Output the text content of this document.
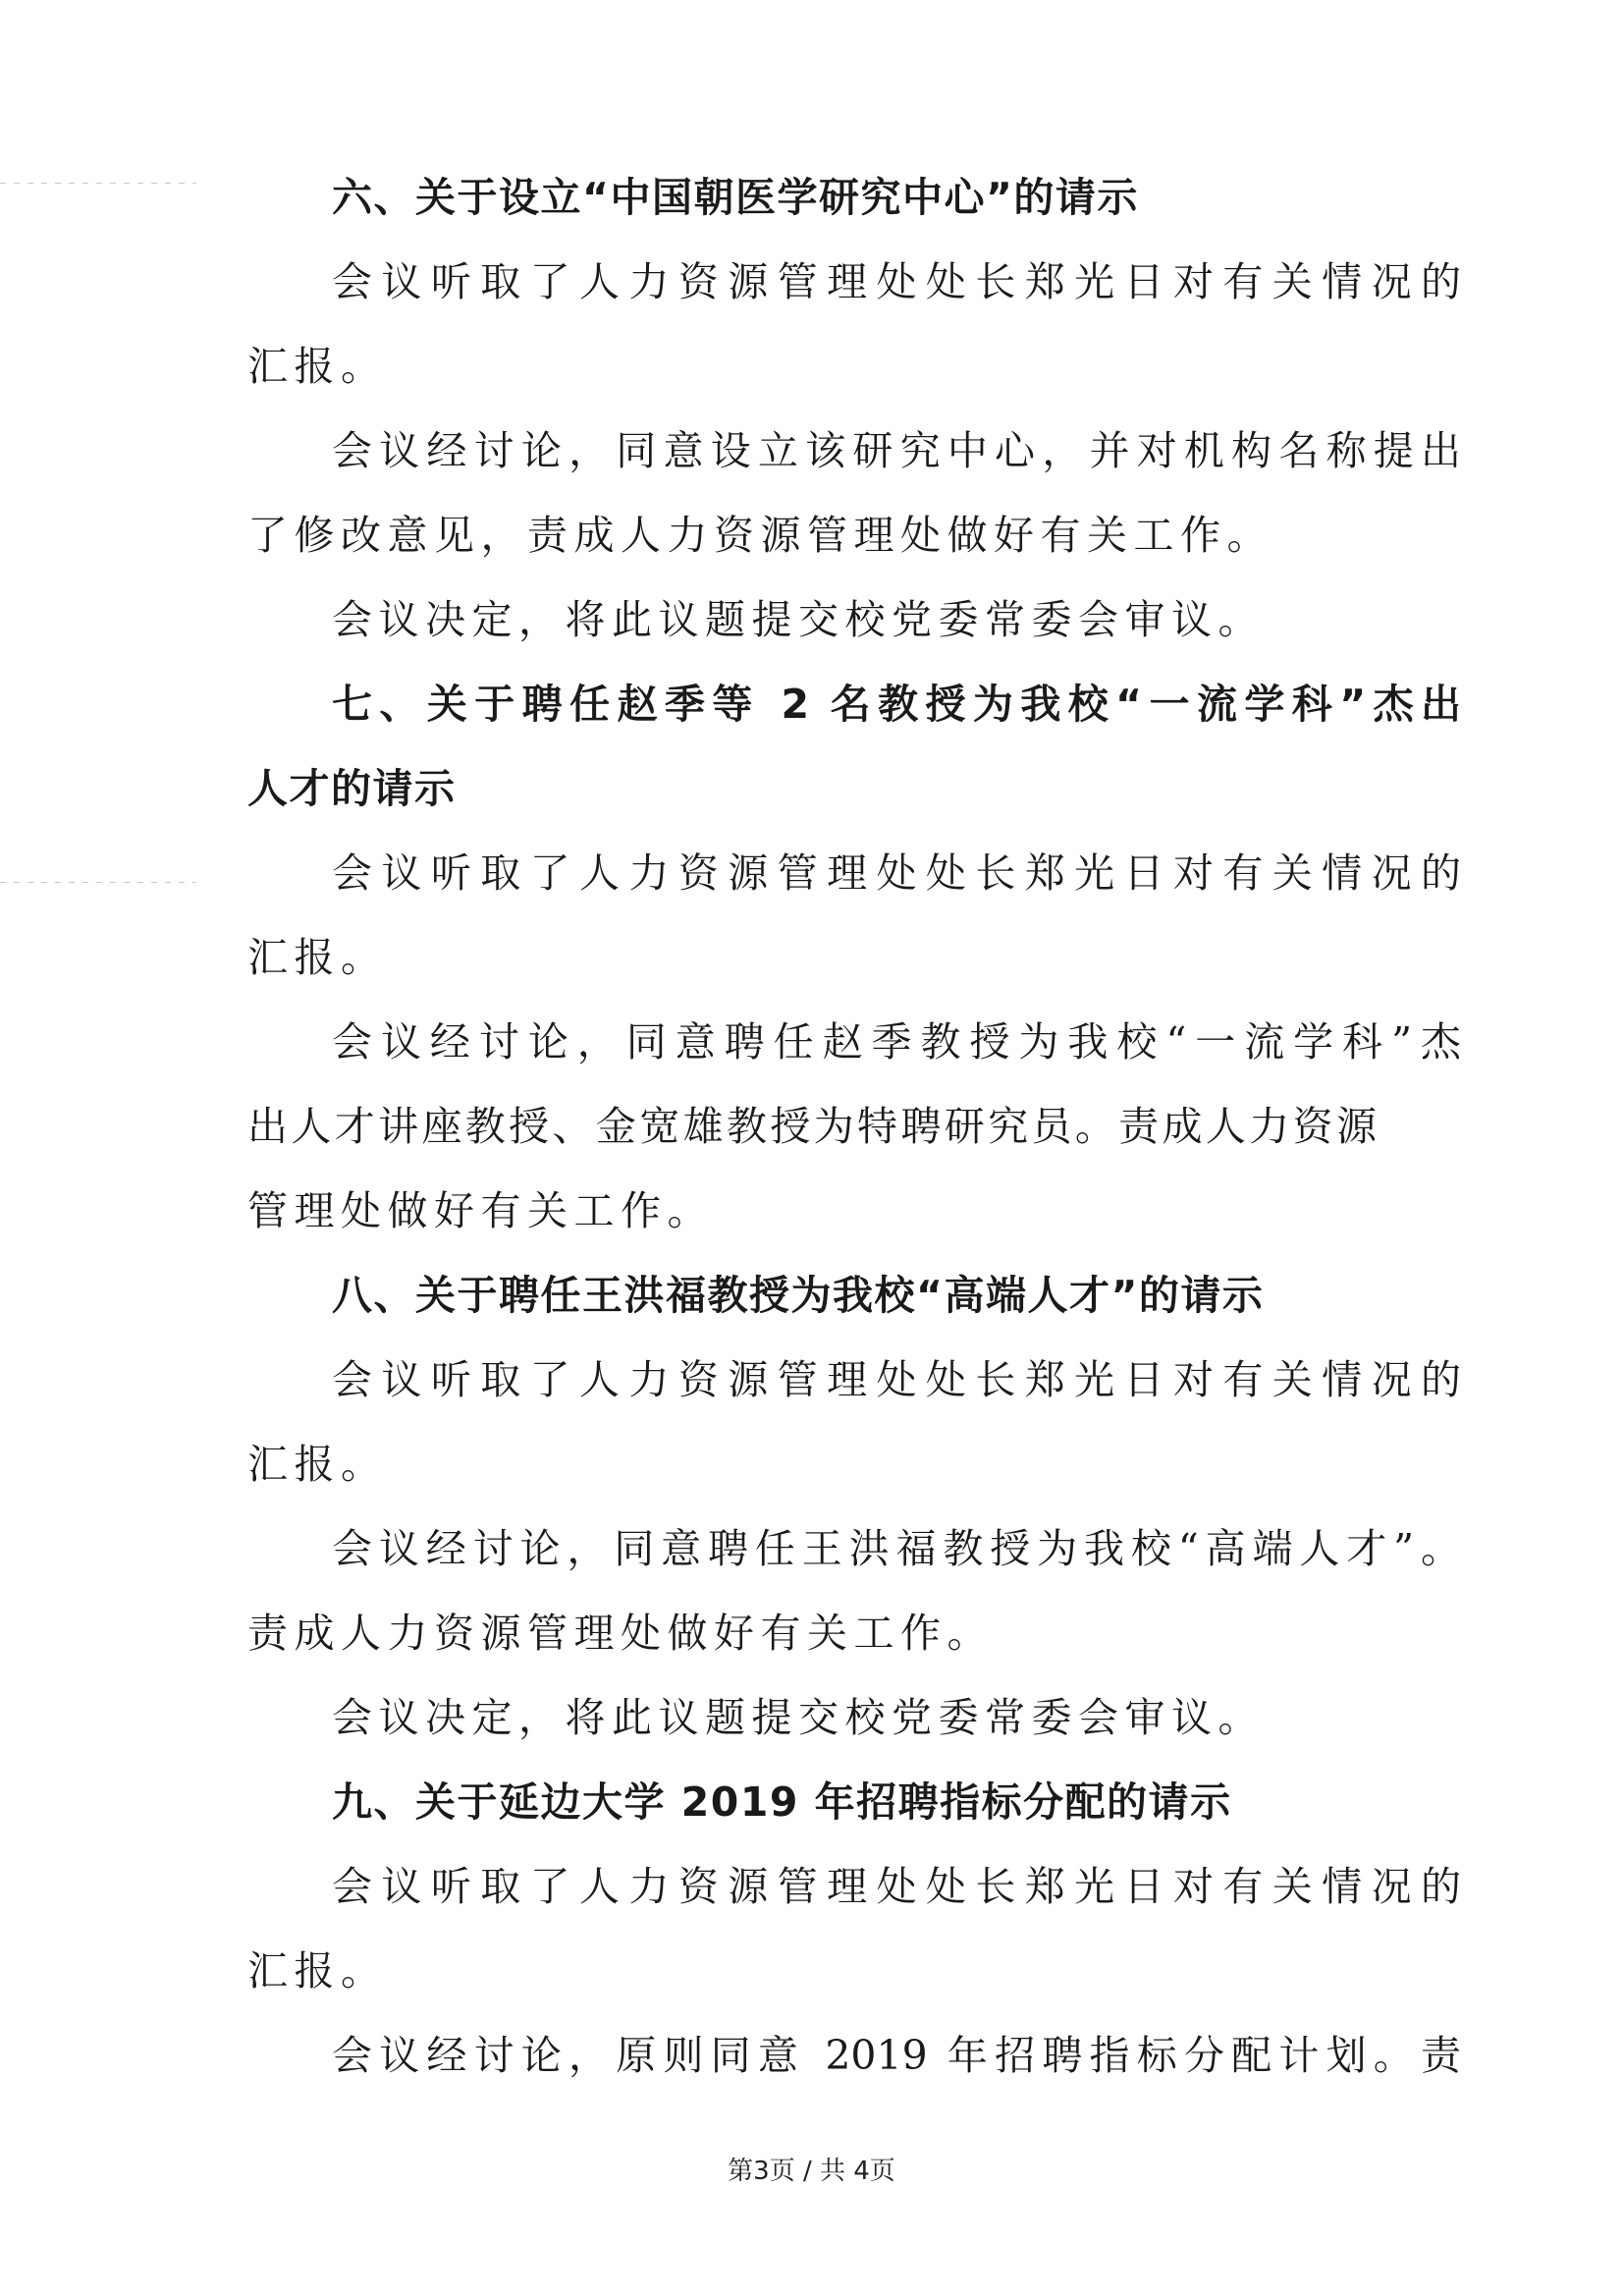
六、关于设立“中国朝医学研究中心”的请示
会议听取了人力资源管理处处长郑光日对有关情况的
汇报。
会议经讨论，同意设立该研究中心，并对机构名称提出
了修改意见，责成人力资源管理处做好有关工作。
会议决定，将此议题提交校党委常委会审议。
七、关于聘任赵季等 2 名教授为我校“一流学科”杰出
人才的请示
会议听取了人力资源管理处处长郑光日对有关情况的
汇报。
会议经讨论，同意聘任赵季教授为我校“一流学科”杰
出人才讲座教授、金宽雄教授为特聘研究员。责成人力资源
管理处做好有关工作。
八、关于聘任王洪福教授为我校“高端人才”的请示
会议听取了人力资源管理处处长郑光日对有关情况的
汇报。
会议经讨论，同意聘任王洪福教授为我校“高端人才”。
责成人力资源管理处做好有关工作。
会议决定，将此议题提交校党委常委会审议。
九、关于延边大学 2019 年招聘指标分配的请示
会议听取了人力资源管理处处长郑光日对有关情况的
汇报。
会议经讨论，原则同意 2019 年招聘指标分配计划。责
第3页 / 共 4页
